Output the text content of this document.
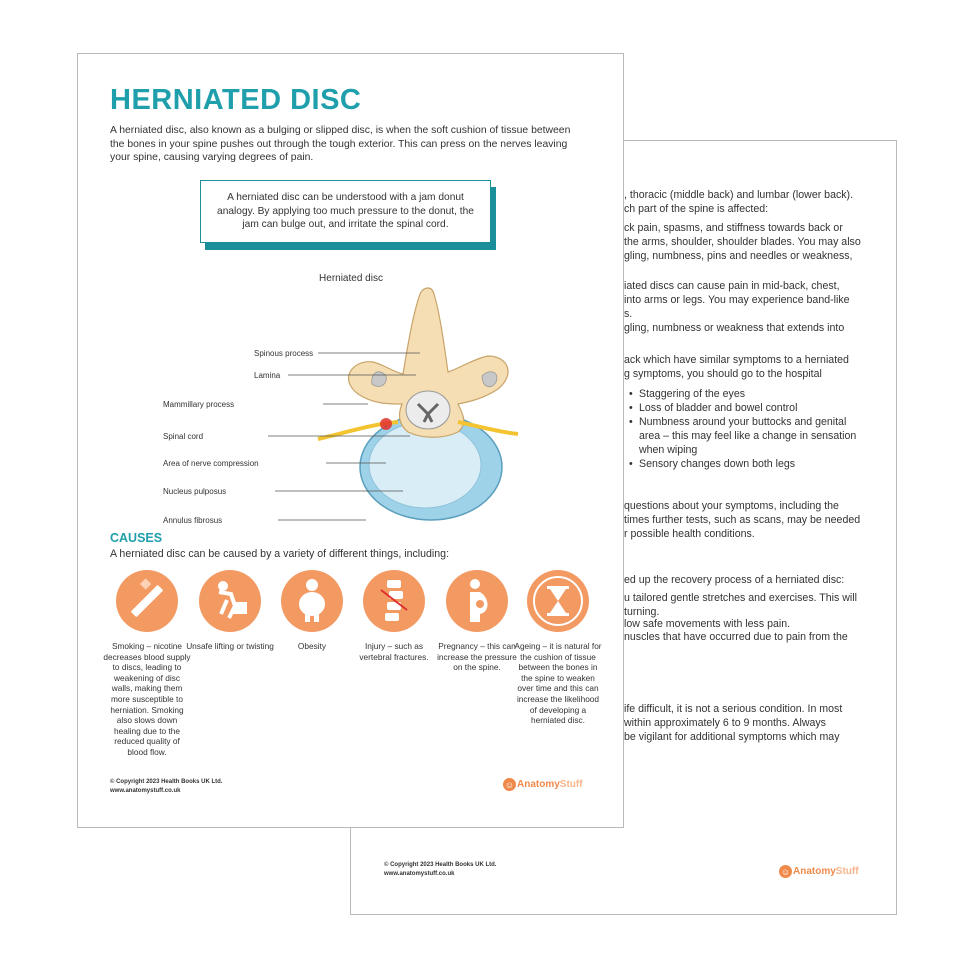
, thoracic (middle back) and lumbar (lower back).
ch part of the spine is affected:
ck pain, spasms, and stiffness towards back or
the arms, shoulder, shoulder blades. You may also
gling, numbness, pins and needles or weakness,
iated discs can cause pain in mid-back, chest,
into arms or legs. You may experience band-like
s.
gling, numbness or weakness that extends into
ack which have similar symptoms to a herniated
g symptoms, you should go to the hospital
• Staggering of the eyes
• Loss of bladder and bowel control
• Numbness around your buttocks and genital
area – this may feel like a change in sensation
when wiping
• Sensory changes down both legs
questions about your symptoms, including the
times further tests, such as scans, may be needed
r possible health conditions.
ed up the recovery process of a herniated disc:
u tailored gentle stretches and exercises. This will
turning.
low safe movements with less pain.
nuscles that have occurred due to pain from the
ife difficult, it is not a serious condition. In most
within approximately 6 to 9 months. Always
be vigilant for additional symptoms which may
© Copyright 2023 Health Books UK Ltd.
www.anatomystuff.co.uk	☺ Anatomy Stuff
HERNIATED DISC
A herniated disc, also known as a bulging or slipped disc, is when the soft cushion of tissue between the bones in your spine pushes out through the tough exterior. This can press on the nerves leaving your spine, causing varying degrees of pain.
A herniated disc can be understood with a jam donut analogy. By applying too much pressure to the donut, the jam can bulge out, and irritate the spinal cord.
Herniated disc
Spinous process
Lamina
Mammillary process
Spinal cord
Area of nerve compression
Nucleus pulposus
Annulus fibrosus
CAUSES
A herniated disc can be caused by a variety of different things, including:
Smoking – nicotine decreases blood supply to discs, leading to weakening of disc walls, making them more susceptible to herniation. Smoking also slows down healing due to the reduced quality of blood flow.
Unsafe lifting or twisting	Obesity	Injury – such as vertebral fractures.
Pregnancy – this can increase the pressure on the spine.
Ageing – it is natural for the cushion of tissue between the bones in the spine to weaken over time and this can increase the likelihood of developing a herniated disc.
© Copyright 2023 Health Books UK Ltd.
www.anatomystuff.co.uk
☺ Anatomy Stuff
